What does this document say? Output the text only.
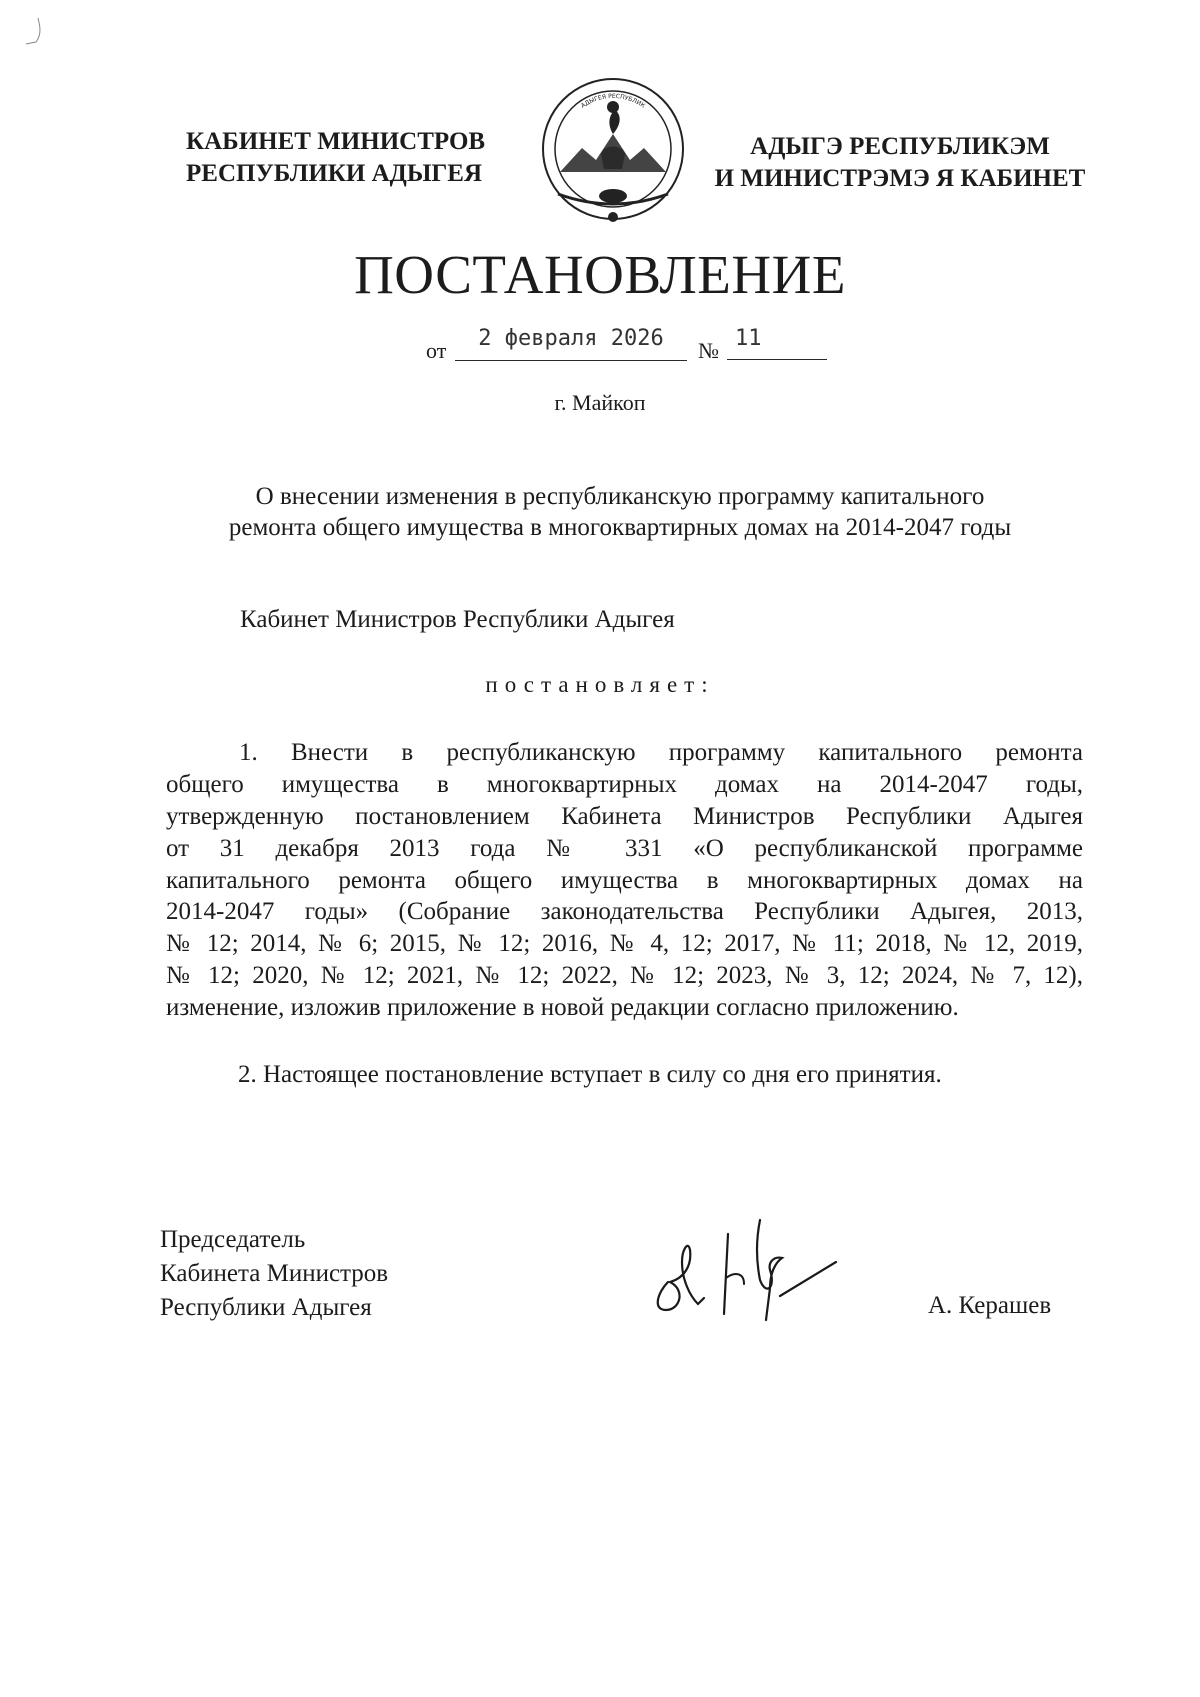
КАБИНЕТ МИНИСТРОВ
РЕСПУБЛИКИ АДЫГЕЯ
АДЫГЕЯ РЕСПУБЛИК
АДЫГЭ РЕСПУБЛИКЭМ
И МИНИСТРЭМЭ Я КАБИНЕТ
ПОСТАНОВЛЕНИЕ
от	2 февраля 2026	№ 11
г. Майкоп
О внесении изменения в республиканскую программу капитального
ремонта общего имущества в многоквартирных домах на 2014-2047 годы
Кабинет Министров Республики Адыгея
постановляет:
1. Внести в республиканскую программу капитального ремонта
общего имущества в многоквартирных домах на 2014-2047 годы,
утвержденную постановлением Кабинета Министров Республики Адыгея
от 31 декабря 2013 года № 331 «О республиканской программе
капитального ремонта общего имущества в многоквартирных домах на
2014-2047 годы» (Собрание законодательства Республики Адыгея, 2013,
№ 12; 2014, № 6; 2015, № 12; 2016, № 4, 12; 2017, № 11; 2018, № 12, 2019,
№ 12; 2020, № 12; 2021, № 12; 2022, № 12; 2023, № 3, 12; 2024, № 7, 12),
изменение, изложив приложение в новой редакции согласно приложению.
2. Настоящее постановление вступает в силу со дня его принятия.
Председатель
Кабинета Министров
Республики Адыгея	А. Керашев
